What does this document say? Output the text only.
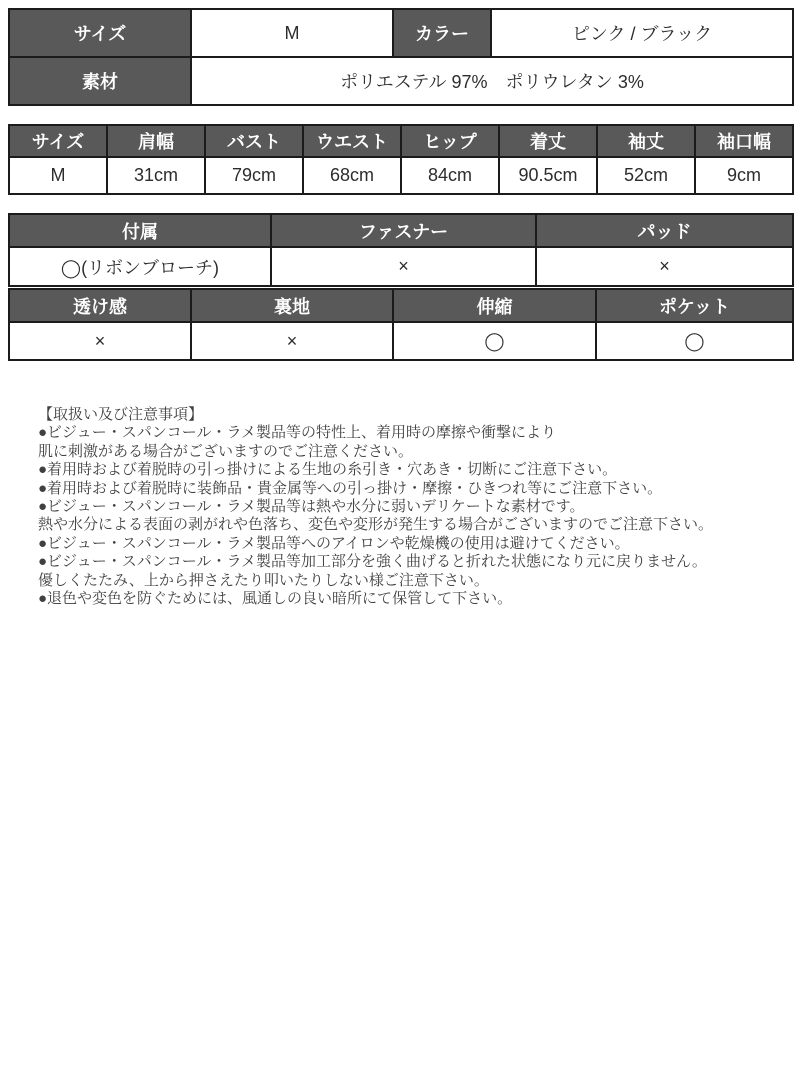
サイズ	M	カラー	ピンク / ブラック
素材	ポリエステル 97%　ポリウレタン 3%		
サイズ	肩幅	バスト	ウエスト	ヒップ	着丈	袖丈	袖口幅
M	31cm	79cm	68cm	84cm	90.5cm	52cm	9cm
付属	ファスナー	パッド
◯(リボンブローチ)	×	×
透け感	裏地	伸縮	ポケット
×	×	◯	◯
【取扱い及び注意事項】
●ビジュー・スパンコール・ラメ製品等の特性上、着用時の摩擦や衝撃により
肌に刺激がある場合がございますのでご注意ください。
●着用時および着脱時の引っ掛けによる生地の糸引き・穴あき・切断にご注意下さい。
●着用時および着脱時に装飾品・貴金属等への引っ掛け・摩擦・ひきつれ等にご注意下さい。
●ビジュー・スパンコール・ラメ製品等は熱や水分に弱いデリケートな素材です。
熱や水分による表面の剥がれや色落ち、変色や変形が発生する場合がございますのでご注意下さい。
●ビジュー・スパンコール・ラメ製品等へのアイロンや乾燥機の使用は避けてください。
●ビジュー・スパンコール・ラメ製品等加工部分を強く曲げると折れた状態になり元に戻りません。
優しくたたみ、上から押さえたり叩いたりしない様ご注意下さい。
●退色や変色を防ぐためには、風通しの良い暗所にて保管して下さい。
